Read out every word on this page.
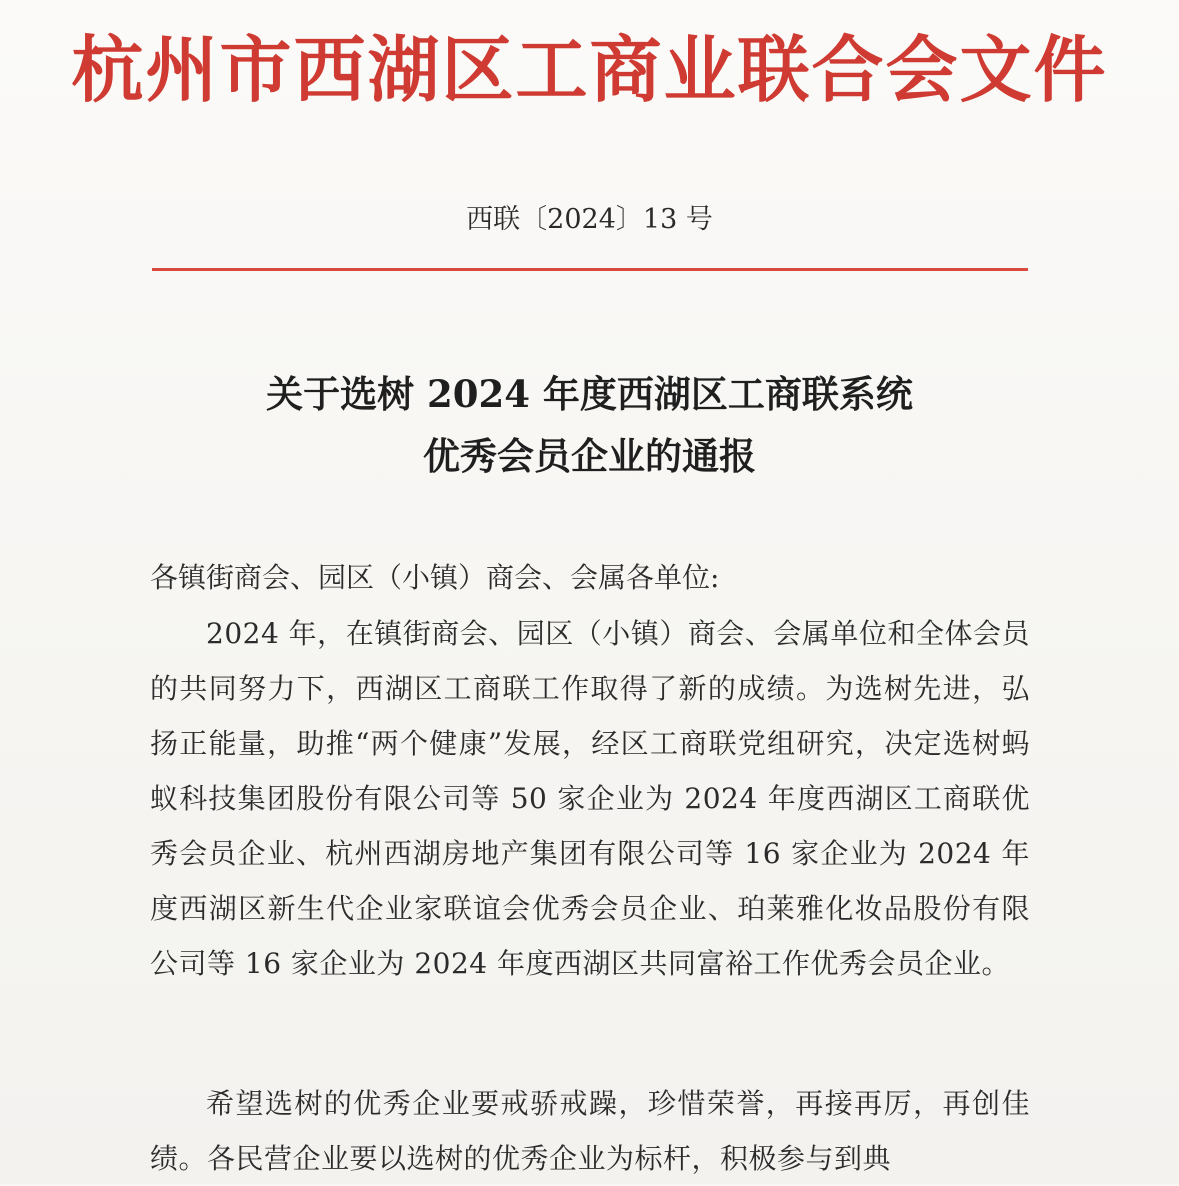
杭州市西湖区工商业联合会文件
西联〔2024〕13 号
关于选树 2024 年度西湖区工商联系统
优秀会员企业的通报
各镇街商会、园区（小镇）商会、会属各单位:
2024 年，在镇街商会、园区（小镇）商会、会属单位和全体会员的共同努力下，西湖区工商联工作取得了新的成绩。为选树先进，弘扬正能量，助推“两个健康”发展，经区工商联党组研究，决定选树蚂蚁科技集团股份有限公司等 50 家企业为 2024 年度西湖区工商联优秀会员企业、杭州西湖房地产集团有限公司等 16 家企业为 2024 年度西湖区新生代企业家联谊会优秀会员企业、珀莱雅化妆品股份有限公司等 16 家企业为 2024 年度西湖区共同富裕工作优秀会员企业。
希望选树的优秀企业要戒骄戒躁，珍惜荣誉，再接再厉，再创佳绩。各民营企业要以选树的优秀企业为标杆，积极参与到典
